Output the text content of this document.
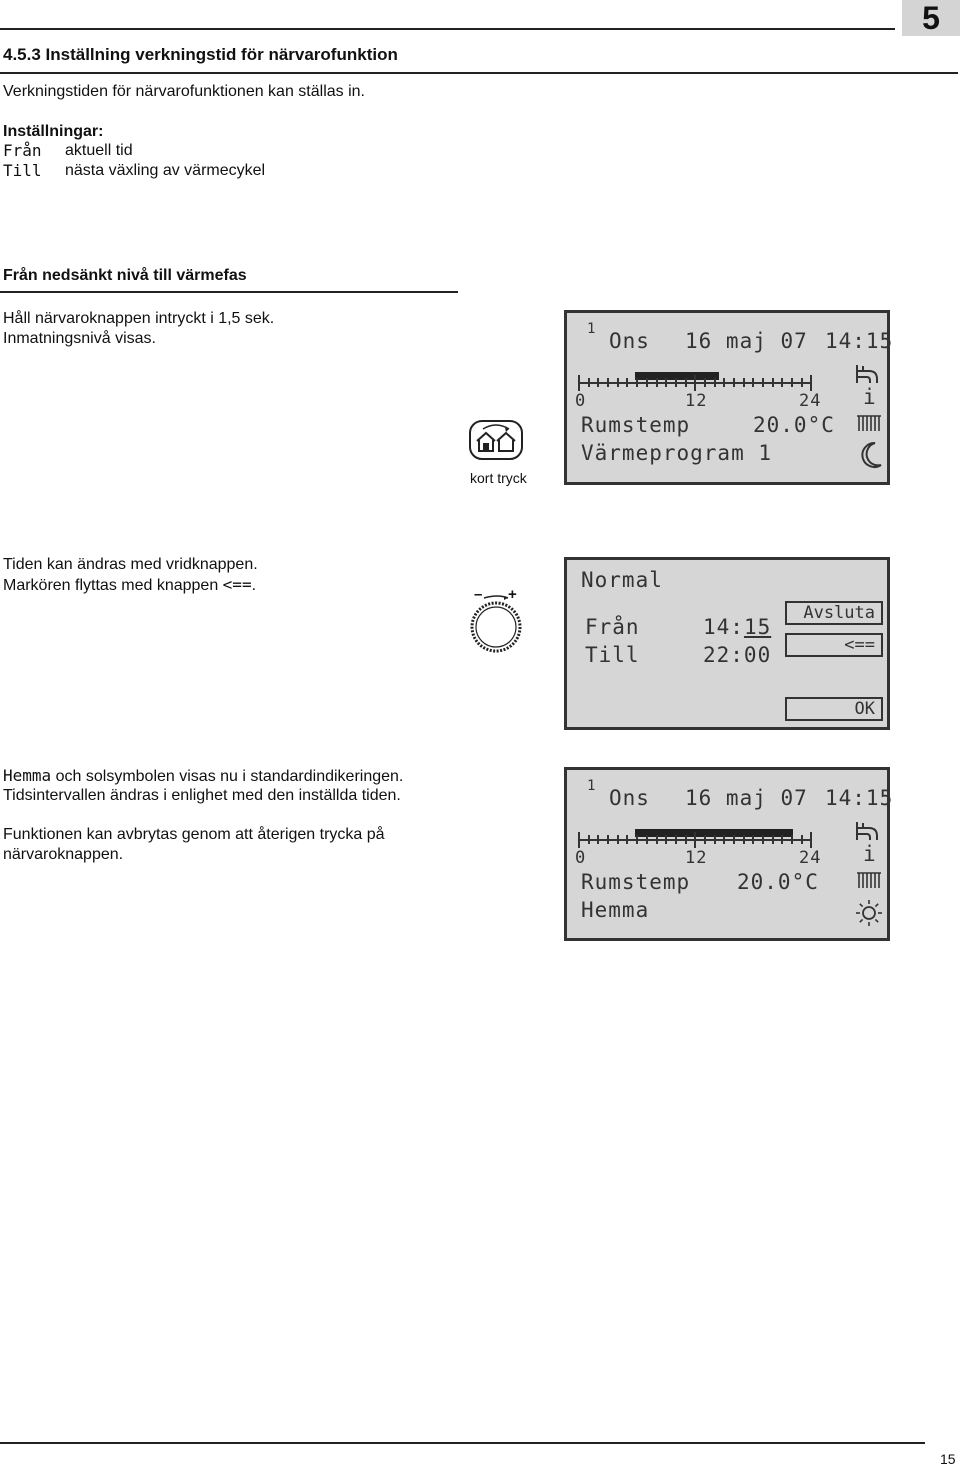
5
4.5.3 Inställning verkningstid för närvarofunktion
Verkningstiden för närvarofunktionen kan ställas in.
Inställningar:
Från aktuell tid
Till nästa växling av värmecykel
Från nedsänkt nivå till värmefas
Håll närvaroknappen intryckt i 1,5 sek.
Inmatningsnivå visas.
kort tryck
1 Ons 16 maj 07 14:15
0	12	24
Rumstemp	20.0°C
Värmeprogram 1
i
Tiden kan ändras med vridknappen.
Markören flyttas med knappen <==.
– +
Normal
Från	14:15
Till	22:00
Avsluta
<==
OK
Hemma och solsymbolen visas nu i standardindikeringen.
Tidsintervallen ändras i enlighet med den inställda tiden.
Funktionen kan avbrytas genom att återigen trycka på
närvaroknappen.
1 Ons 16 maj 07 14:15
0	12	24
Rumstemp 20.0°C
Hemma
i
15
